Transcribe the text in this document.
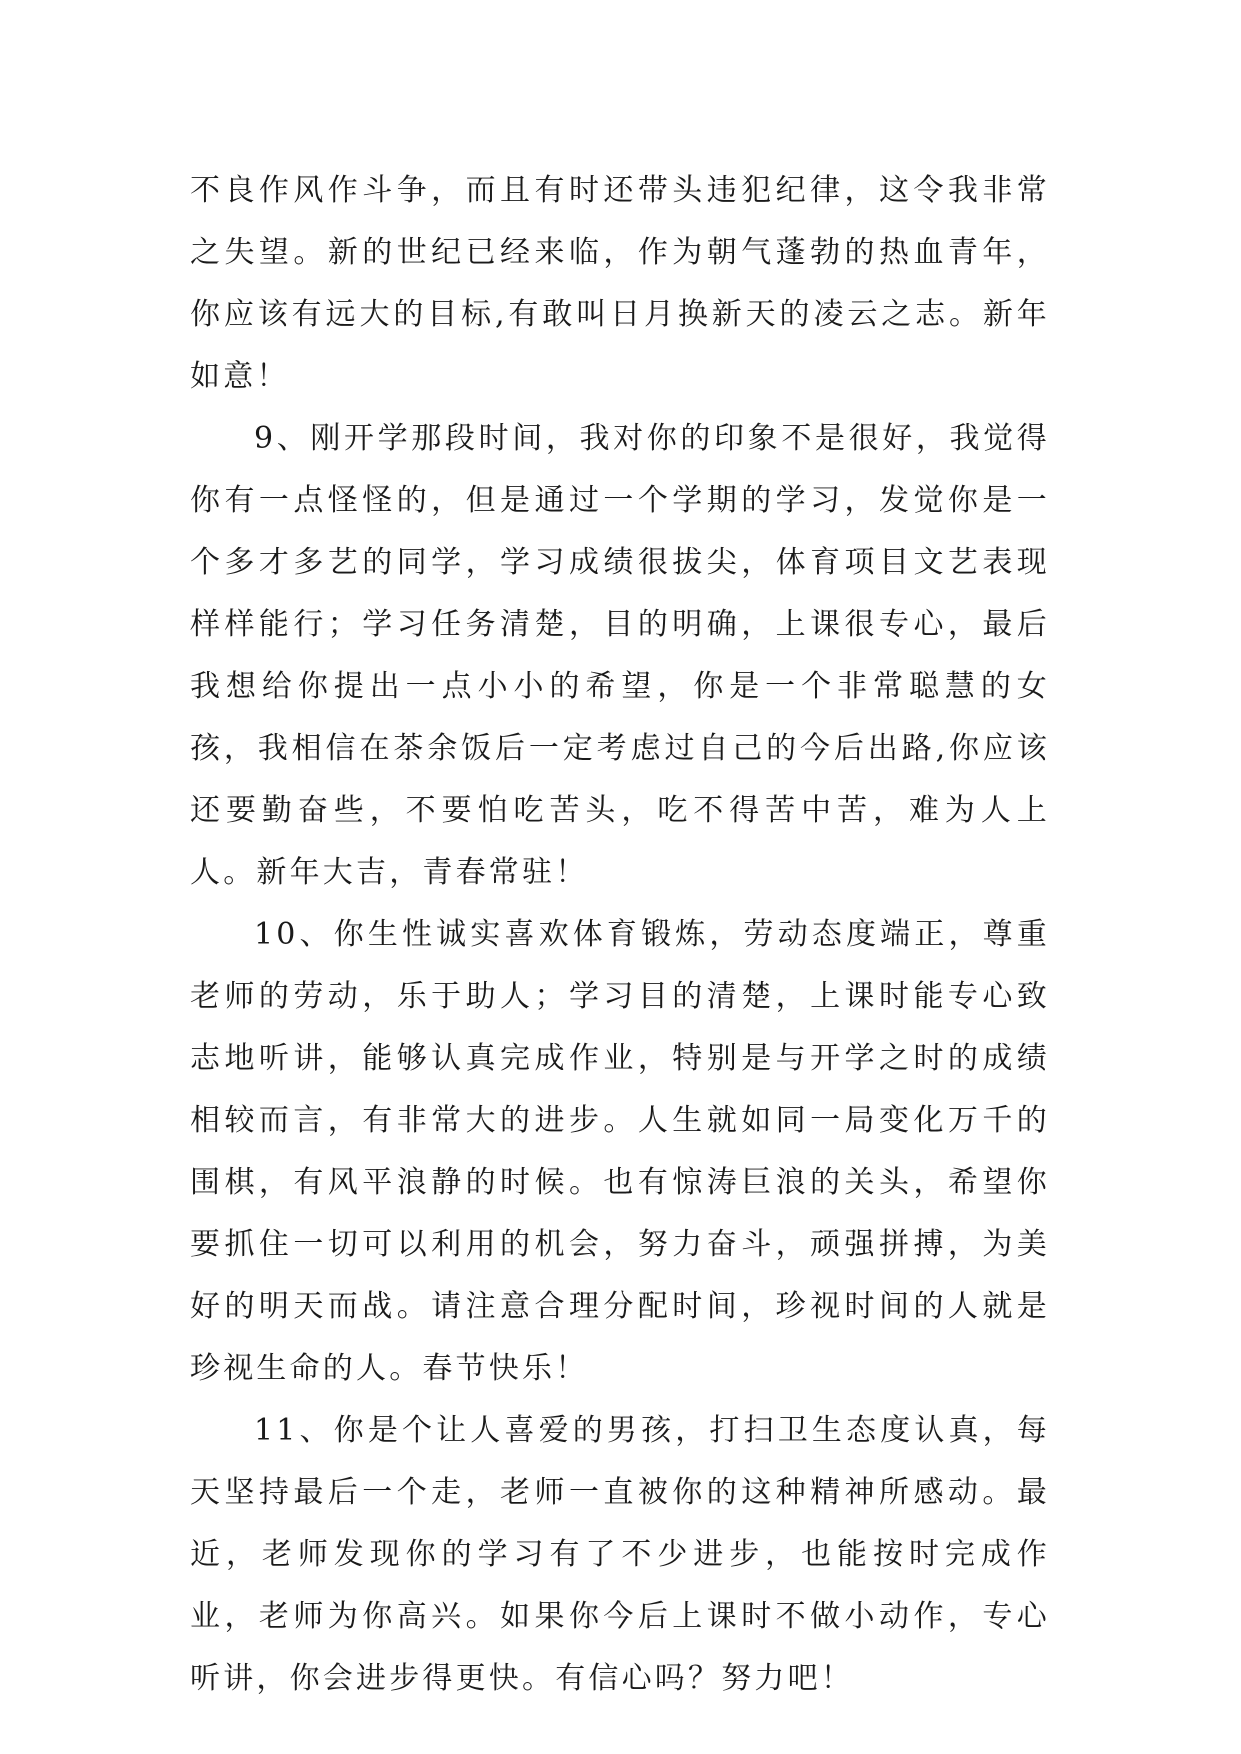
不良作风作斗争，而且有时还带头违犯纪律，这令我非常之失望。新的世纪已经来临，作为朝气蓬勃的热血青年，你应该有远大的目标,有敢叫日月换新天的凌云之志。新年如意！

9、刚开学那段时间，我对你的印象不是很好，我觉得你有一点怪怪的，但是通过一个学期的学习，发觉你是一个多才多艺的同学，学习成绩很拔尖，体育项目文艺表现样样能行；学习任务清楚，目的明确，上课很专心，最后我想给你提出一点小小的希望，你是一个非常聪慧的女孩，我相信在茶余饭后一定考虑过自己的今后出路,你应该还要勤奋些，不要怕吃苦头，吃不得苦中苦，难为人上人。新年大吉，青春常驻！

10、你生性诚实喜欢体育锻炼，劳动态度端正，尊重老师的劳动，乐于助人；学习目的清楚，上课时能专心致志地听讲，能够认真完成作业，特别是与开学之时的成绩相较而言，有非常大的进步。人生就如同一局变化万千的围棋，有风平浪静的时候。也有惊涛巨浪的关头，希望你要抓住一切可以利用的机会，努力奋斗，顽强拼搏，为美好的明天而战。请注意合理分配时间，珍视时间的人就是珍视生命的人。春节快乐！

11、你是个让人喜爱的男孩，打扫卫生态度认真，每天坚持最后一个走，老师一直被你的这种精神所感动。最近，老师发现你的学习有了不少进步，也能按时完成作业，老师为你高兴。如果你今后上课时不做小动作，专心听讲，你会进步得更快。有信心吗？努力吧！
